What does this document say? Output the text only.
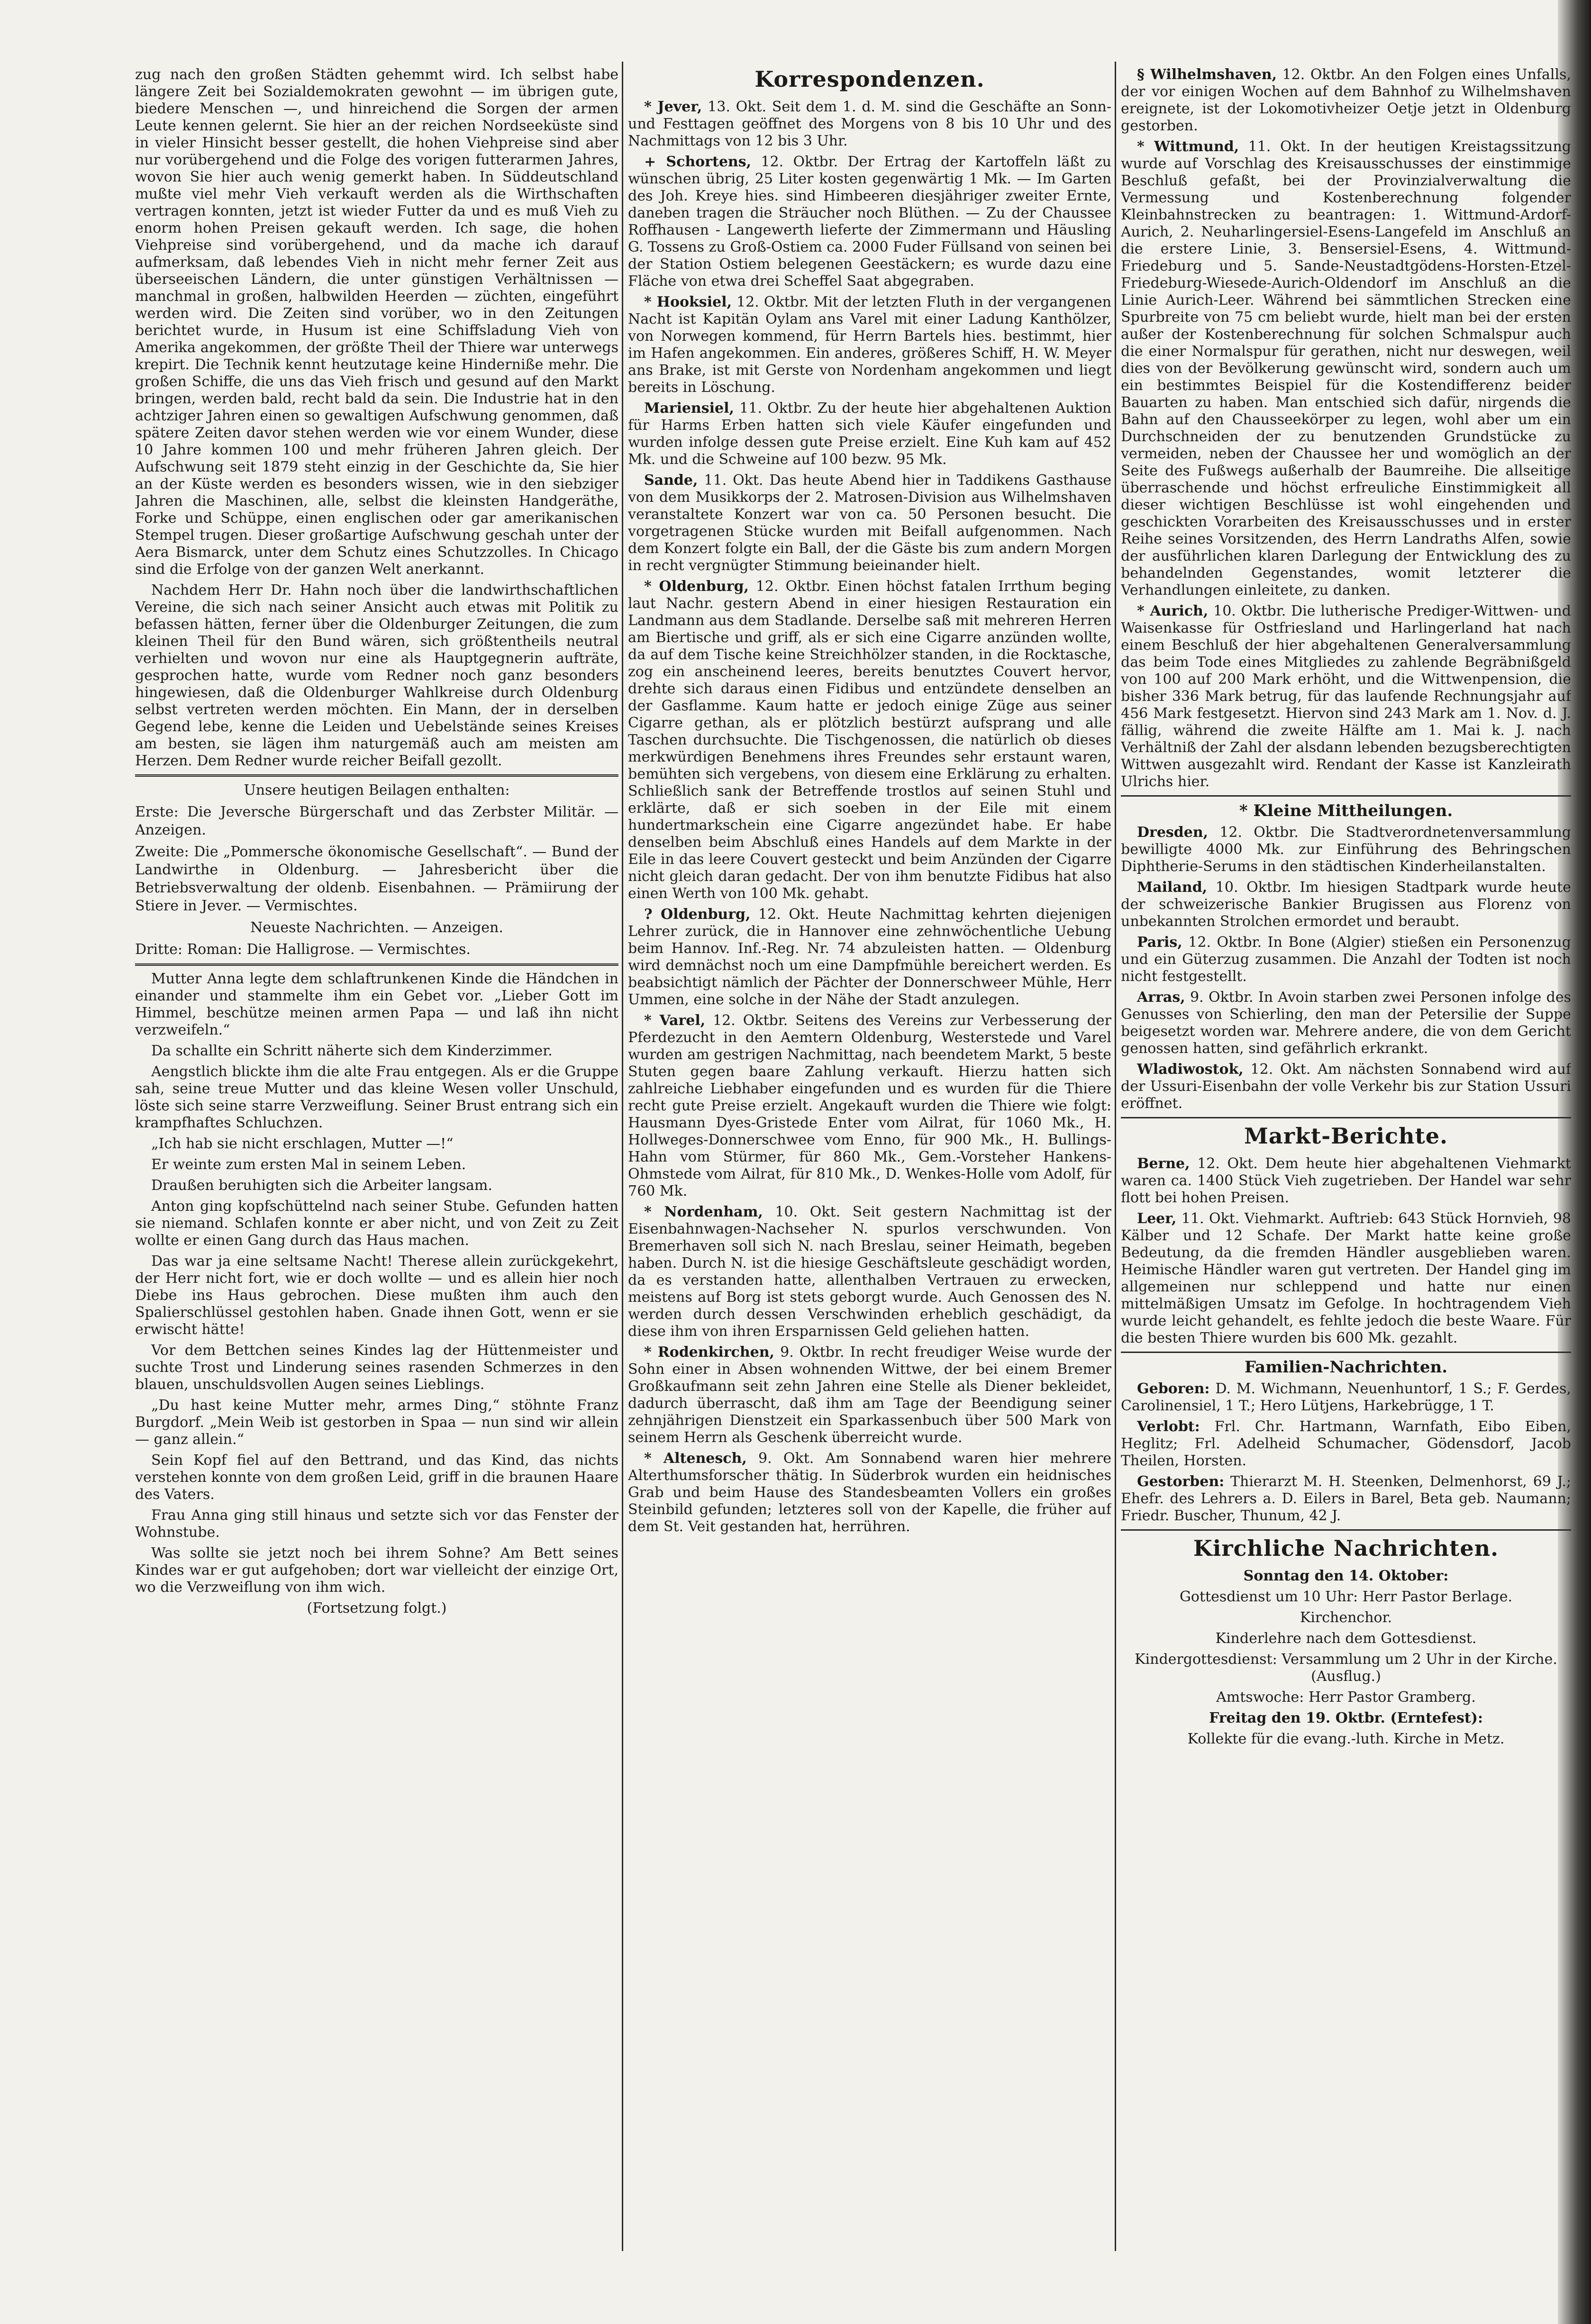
zug nach den großen Städten gehemmt wird. Ich selbst habe längere Zeit bei Sozialdemokraten gewohnt — im übrigen gute, biedere Menschen —, und hinreichend die Sorgen der armen Leute kennen gelernt. Sie hier an der reichen Nordseeküste sind in vieler Hinsicht besser gestellt, die hohen Viehpreise sind aber nur vorübergehend und die Folge des vorigen futterarmen Jahres, wovon Sie hier auch wenig gemerkt haben. In Süddeutschland mußte viel mehr Vieh verkauft werden als die Wirthschaften vertragen konnten, jetzt ist wieder Futter da und es muß Vieh zu enorm hohen Preisen gekauft werden. Ich sage, die hohen Viehpreise sind vorübergehend, und da mache ich darauf aufmerksam, daß lebendes Vieh in nicht mehr ferner Zeit aus überseeischen Ländern, die unter günstigen Verhältnissen — manchmal in großen, halbwilden Heerden — züchten, eingeführt werden wird. Die Zeiten sind vorüber, wo in den Zeitungen berichtet wurde, in Husum ist eine Schiffsladung Vieh von Amerika angekommen, der größte Theil der Thiere war unterwegs krepirt. Die Technik kennt heutzutage keine Hinderniße mehr. Die großen Schiffe, die uns das Vieh frisch und gesund auf den Markt bringen, werden bald, recht bald da sein. Die Industrie hat in den achtziger Jahren einen so gewaltigen Aufschwung genommen, daß spätere Zeiten davor stehen werden wie vor einem Wunder, diese 10 Jahre kommen 100 und mehr früheren Jahren gleich. Der Aufschwung seit 1879 steht einzig in der Geschichte da, Sie hier an der Küste werden es besonders wissen, wie in den siebziger Jahren die Maschinen, alle, selbst die kleinsten Handgeräthe, Forke und Schüppe, einen englischen oder gar amerikanischen Stempel trugen. Dieser großartige Aufschwung geschah unter der Aera Bismarck, unter dem Schutz eines Schutzzolles. In Chicago sind die Erfolge von der ganzen Welt anerkannt.

Nachdem Herr Dr. Hahn noch über die landwirthschaftlichen Vereine, die sich nach seiner Ansicht auch etwas mit Politik zu befassen hätten, ferner über die Oldenburger Zeitungen, die zum kleinen Theil für den Bund wären, sich größtentheils neutral verhielten und wovon nur eine als Hauptgegnerin aufträte, gesprochen hatte, wurde vom Redner noch ganz besonders hingewiesen, daß die Oldenburger Wahlkreise durch Oldenburg selbst vertreten werden möchten. Ein Mann, der in derselben Gegend lebe, kenne die Leiden und Uebelstände seines Kreises am besten, sie lägen ihm naturgemäß auch am meisten am Herzen. Dem Redner wurde reicher Beifall gezollt.

Unsere heutigen Beilagen enthalten:

Erste: Die Jeversche Bürgerschaft und das Zerbster Militär. — Anzeigen.

Zweite: Die „Pommersche ökonomische Gesellschaft“. — Bund der Landwirthe in Oldenburg. — Jahresbericht über die Betriebsverwaltung der oldenb. Eisenbahnen. — Prämiirung der Stiere in Jever. — Vermischtes.

Neueste Nachrichten. — Anzeigen.

Dritte: Roman: Die Halligrose. — Vermischtes.

Mutter Anna legte dem schlaftrunkenen Kinde die Händchen in einander und stammelte ihm ein Gebet vor. „Lieber Gott im Himmel, beschütze meinen armen Papa — und laß ihn nicht verzweifeln.“

Da schallte ein Schritt näherte sich dem Kinderzimmer.

Aengstlich blickte ihm die alte Frau entgegen. Als er die Gruppe sah, seine treue Mutter und das kleine Wesen voller Unschuld, löste sich seine starre Verzweiflung. Seiner Brust entrang sich ein krampfhaftes Schluchzen.

„Ich hab sie nicht erschlagen, Mutter —!“

Er weinte zum ersten Mal in seinem Leben.

Draußen beruhigten sich die Arbeiter langsam.

Anton ging kopfschüttelnd nach seiner Stube. Gefunden hatten sie niemand. Schlafen konnte er aber nicht, und von Zeit zu Zeit wollte er einen Gang durch das Haus machen.

Das war ja eine seltsame Nacht! Therese allein zurückgekehrt, der Herr nicht fort, wie er doch wollte — und es allein hier noch Diebe ins Haus gebrochen. Diese mußten ihm auch den Spalierschlüssel gestohlen haben. Gnade ihnen Gott, wenn er sie erwischt hätte!

Vor dem Bettchen seines Kindes lag der Hüttenmeister und suchte Trost und Linderung seines rasenden Schmerzes in den blauen, unschuldsvollen Augen seines Lieblings.

„Du hast keine Mutter mehr, armes Ding,“ stöhnte Franz Burgdorf. „Mein Weib ist gestorben in Spaa — nun sind wir allein — ganz allein.“

Sein Kopf fiel auf den Bettrand, und das Kind, das nichts verstehen konnte von dem großen Leid, griff in die braunen Haare des Vaters.

Frau Anna ging still hinaus und setzte sich vor das Fenster der Wohnstube.

Was sollte sie jetzt noch bei ihrem Sohne? Am Bett seines Kindes war er gut aufgehoben; dort war vielleicht der einzige Ort, wo die Verzweiflung von ihm wich.

(Fortsetzung folgt.)

Korrespondenzen.

* Jever, 13. Okt. Seit dem 1. d. M. sind die Geschäfte an Sonn- und Festtagen geöffnet des Morgens von 8 bis 10 Uhr und des Nachmittags von 12 bis 3 Uhr.

+ Schortens, 12. Oktbr. Der Ertrag der Kartoffeln läßt zu wünschen übrig, 25 Liter kosten gegenwärtig 1 Mk. — Im Garten des Joh. Kreye hies. sind Himbeeren diesjähriger zweiter Ernte, daneben tragen die Sträucher noch Blüthen. — Zu der Chaussee Roffhausen - Langewerth lieferte der Zimmermann und Häusling G. Tossens zu Groß-Ostiem ca. 2000 Fuder Füllsand von seinen bei der Station Ostiem belegenen Geestäckern; es wurde dazu eine Fläche von etwa drei Scheffel Saat abgegraben.

* Hooksiel, 12. Oktbr. Mit der letzten Fluth in der vergangenen Nacht ist Kapitän Oylam ans Varel mit einer Ladung Kanthölzer, von Norwegen kommend, für Herrn Bartels hies. bestimmt, hier im Hafen angekommen. Ein anderes, größeres Schiff, H. W. Meyer ans Brake, ist mit Gerste von Nordenham angekommen und liegt bereits in Löschung.

Mariensiel, 11. Oktbr. Zu der heute hier abgehaltenen Auktion für Harms Erben hatten sich viele Käufer eingefunden und wurden infolge dessen gute Preise erzielt. Eine Kuh kam auf 452 Mk. und die Schweine auf 100 bezw. 95 Mk.

Sande, 11. Okt. Das heute Abend hier in Taddikens Gasthause von dem Musikkorps der 2. Matrosen-Division aus Wilhelmshaven veranstaltete Konzert war von ca. 50 Personen besucht. Die vorgetragenen Stücke wurden mit Beifall aufgenommen. Nach dem Konzert folgte ein Ball, der die Gäste bis zum andern Morgen in recht vergnügter Stimmung beieinander hielt.

* Oldenburg, 12. Oktbr. Einen höchst fatalen Irrthum beging laut Nachr. gestern Abend in einer hiesigen Restauration ein Landmann aus dem Stadlande. Derselbe saß mit mehreren Herren am Biertische und griff, als er sich eine Cigarre anzünden wollte, da auf dem Tische keine Streichhölzer standen, in die Rocktasche, zog ein anscheinend leeres, bereits benutztes Couvert hervor, drehte sich daraus einen Fidibus und entzündete denselben an der Gasflamme. Kaum hatte er jedoch einige Züge aus seiner Cigarre gethan, als er plötzlich bestürzt aufsprang und alle Taschen durchsuchte. Die Tischgenossen, die natürlich ob dieses merkwürdigen Benehmens ihres Freundes sehr erstaunt waren, bemühten sich vergebens, von diesem eine Erklärung zu erhalten. Schließlich sank der Betreffende trostlos auf seinen Stuhl und erklärte, daß er sich soeben in der Eile mit einem hundertmarkschein eine Cigarre angezündet habe. Er habe denselben beim Abschluß eines Handels auf dem Markte in der Eile in das leere Couvert gesteckt und beim Anzünden der Cigarre nicht gleich daran gedacht. Der von ihm benutzte Fidibus hat also einen Werth von 100 Mk. gehabt.

? Oldenburg, 12. Okt. Heute Nachmittag kehrten diejenigen Lehrer zurück, die in Hannover eine zehnwöchentliche Uebung beim Hannov. Inf.-Reg. Nr. 74 abzuleisten hatten. — Oldenburg wird demnächst noch um eine Dampfmühle bereichert werden. Es beabsichtigt nämlich der Pächter der Donnerschweer Mühle, Herr Ummen, eine solche in der Nähe der Stadt anzulegen.

* Varel, 12. Oktbr. Seitens des Vereins zur Verbesserung der Pferdezucht in den Aemtern Oldenburg, Westerstede und Varel wurden am gestrigen Nachmittag, nach beendetem Markt, 5 beste Stuten gegen baare Zahlung verkauft. Hierzu hatten sich zahlreiche Liebhaber eingefunden und es wurden für die Thiere recht gute Preise erzielt. Angekauft wurden die Thiere wie folgt: Hausmann Dyes-Gristede Enter vom Ailrat, für 1060 Mk., H. Hollweges-Donnerschwee vom Enno, für 900 Mk., H. Bullings-Hahn vom Stürmer, für 860 Mk., Gem.-Vorsteher Hankens-Ohmstede vom Ailrat, für 810 Mk., D. Wenkes-Holle vom Adolf, für 760 Mk.

* Nordenham, 10. Okt. Seit gestern Nachmittag ist der Eisenbahnwagen-Nachseher N. spurlos verschwunden. Von Bremerhaven soll sich N. nach Breslau, seiner Heimath, begeben haben. Durch N. ist die hiesige Geschäftsleute geschädigt worden, da es verstanden hatte, allenthalben Vertrauen zu erwecken, meistens auf Borg ist stets geborgt wurde. Auch Genossen des N. werden durch dessen Verschwinden erheblich geschädigt, da diese ihm von ihren Ersparnissen Geld geliehen hatten.

* Rodenkirchen, 9. Oktbr. In recht freudiger Weise wurde der Sohn einer in Absen wohnenden Wittwe, der bei einem Bremer Großkaufmann seit zehn Jahren eine Stelle als Diener bekleidet, dadurch überrascht, daß ihm am Tage der Beendigung seiner zehnjährigen Dienstzeit ein Sparkassenbuch über 500 Mark von seinem Herrn als Geschenk überreicht wurde.

* Altenesch, 9. Okt. Am Sonnabend waren hier mehrere Alterthumsforscher thätig. In Süderbrok wurden ein heidnisches Grab und beim Hause des Standesbeamten Vollers ein großes Steinbild gefunden; letzteres soll von der Kapelle, die früher auf dem St. Veit gestanden hat, herrühren.

§ Wilhelmshaven, 12. Oktbr. An den Folgen eines Unfalls, der vor einigen Wochen auf dem Bahnhof zu Wilhelmshaven ereignete, ist der Lokomotivheizer Oetje jetzt in Oldenburg gestorben.

* Wittmund, 11. Okt. In der heutigen Kreistagssitzung wurde auf Vorschlag des Kreisausschusses der einstimmige Beschluß gefaßt, bei der Provinzialverwaltung die Vermessung und Kostenberechnung folgender Kleinbahnstrecken zu beantragen: 1. Wittmund-Ardorf-Aurich, 2. Neuharlingersiel-Esens-Langefeld im Anschluß an die erstere Linie, 3. Bensersiel-Esens, 4. Wittmund-Friedeburg und 5. Sande-Neustadtgödens-Horsten-Etzel-Friedeburg-Wiesede-Aurich-Oldendorf im Anschluß an die Linie Aurich-Leer. Während bei sämmtlichen Strecken eine Spurbreite von 75 cm beliebt wurde, hielt man bei der ersten außer der Kostenberechnung für solchen Schmalspur auch die einer Normalspur für gerathen, nicht nur deswegen, weil dies von der Bevölkerung gewünscht wird, sondern auch um ein bestimmtes Beispiel für die Kostendifferenz beider Bauarten zu haben. Man entschied sich dafür, nirgends die Bahn auf den Chausseekörper zu legen, wohl aber um ein Durchschneiden der zu benutzenden Grundstücke zu vermeiden, neben der Chaussee her und womöglich an der Seite des Fußwegs außerhalb der Baumreihe. Die allseitige überraschende und höchst erfreuliche Einstimmigkeit all dieser wichtigen Beschlüsse ist wohl eingehenden und geschickten Vorarbeiten des Kreisausschusses und in erster Reihe seines Vorsitzenden, des Herrn Landraths Alfen, sowie der ausführlichen klaren Darlegung der Entwicklung des zu behandelnden Gegenstandes, womit letzterer die Verhandlungen einleitete, zu danken.

* Aurich, 10. Oktbr. Die lutherische Prediger-Wittwen- und Waisenkasse für Ostfriesland und Harlingerland hat nach einem Beschluß der hier abgehaltenen Generalversammlung das beim Tode eines Mitgliedes zu zahlende Begräbnißgeld von 100 auf 200 Mark erhöht, und die Wittwenpension, die bisher 336 Mark betrug, für das laufende Rechnungsjahr auf 456 Mark festgesetzt. Hiervon sind 243 Mark am 1. Nov. d. J. fällig, während die zweite Hälfte am 1. Mai k. J. nach Verhältniß der Zahl der alsdann lebenden bezugsberechtigten Wittwen ausgezahlt wird. Rendant der Kasse ist Kanzleirath Ulrichs hier.

* Kleine Mittheilungen.

Dresden, 12. Oktbr. Die Stadtverordnetenversammlung bewilligte 4000 Mk. zur Einführung des Behringschen Diphtherie-Serums in den städtischen Kinderheilanstalten.

Mailand, 10. Oktbr. Im hiesigen Stadtpark wurde heute der schweizerische Bankier Brugissen aus Florenz von unbekannten Strolchen ermordet und beraubt.

Paris, 12. Oktbr. In Bone (Algier) stießen ein Personenzug und ein Güterzug zusammen. Die Anzahl der Todten ist noch nicht festgestellt.

Arras, 9. Oktbr. In Avoin starben zwei Personen infolge des Genusses von Schierling, den man der Petersilie der Suppe beigesetzt worden war. Mehrere andere, die von dem Gericht genossen hatten, sind gefährlich erkrankt.

Wladiwostok, 12. Okt. Am nächsten Sonnabend wird auf der Ussuri-Eisenbahn der volle Verkehr bis zur Station Ussuri eröffnet.

Markt-Berichte.

Berne, 12. Okt. Dem heute hier abgehaltenen Viehmarkt waren ca. 1400 Stück Vieh zugetrieben. Der Handel war sehr flott bei hohen Preisen.

Leer, 11. Okt. Viehmarkt. Auftrieb: 643 Stück Hornvieh, 98 Kälber und 12 Schafe. Der Markt hatte keine große Bedeutung, da die fremden Händler ausgeblieben waren. Heimische Händler waren gut vertreten. Der Handel ging im allgemeinen nur schleppend und hatte nur einen mittelmäßigen Umsatz im Gefolge. In hochtragendem Vieh wurde leicht gehandelt, es fehlte jedoch die beste Waare. Für die besten Thiere wurden bis 600 Mk. gezahlt.

Familien-Nachrichten.

Geboren: D. M. Wichmann, Neuenhuntorf, 1 S.; F. Gerdes, Carolinensiel, 1 T.; Hero Lütjens, Harkebrügge, 1 T.

Verlobt: Frl. Chr. Hartmann, Warnfath, Eibo Eiben, Heglitz; Frl. Adelheid Schumacher, Gödensdorf, Jacob Theilen, Horsten.

Gestorben: Thierarzt M. H. Steenken, Delmenhorst, 69 J.; Ehefr. des Lehrers a. D. Eilers in Barel, Beta geb. Naumann; Friedr. Buscher, Thunum, 42 J.

Kirchliche Nachrichten.

Sonntag den 14. Oktober:

Gottesdienst um 10 Uhr: Herr Pastor Berlage.

Kirchenchor.

Kinderlehre nach dem Gottesdienst.

Kindergottesdienst: Versammlung um 2 Uhr in der Kirche. (Ausflug.)

Amtswoche: Herr Pastor Gramberg.

Freitag den 19. Oktbr. (Erntefest):

Kollekte für die evang.-luth. Kirche in Metz.
